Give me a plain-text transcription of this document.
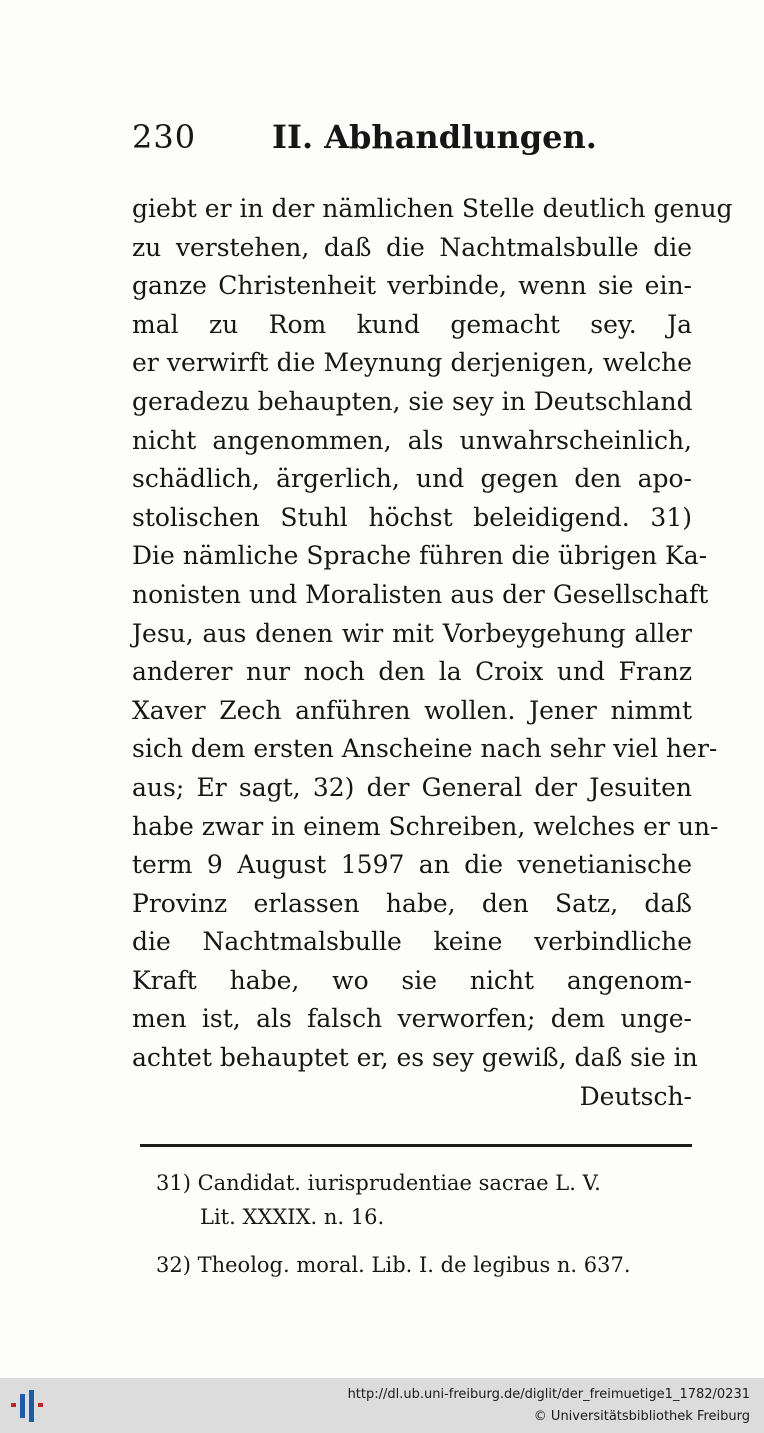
230 II. Abhandlungen.
giebt er in der nämlichen Stelle deutlich genug
zu verstehen, daß die Nachtmalsbulle die
ganze Christenheit verbinde, wenn sie ein-
mal zu Rom kund gemacht sey. Ja
er verwirft die Meynung derjenigen, welche
geradezu behaupten, sie sey in Deutschland
nicht angenommen, als unwahrscheinlich,
schädlich, ärgerlich, und gegen den apo-
stolischen Stuhl höchst beleidigend. 31)
Die nämliche Sprache führen die übrigen Ka-
nonisten und Moralisten aus der Gesellschaft
Jesu, aus denen wir mit Vorbeygehung aller
anderer nur noch den la Croix und Franz
Xaver Zech anführen wollen. Jener nimmt
sich dem ersten Anscheine nach sehr viel her-
aus; Er sagt, 32) der General der Jesuiten
habe zwar in einem Schreiben, welches er un-
term 9 August 1597 an die venetianische
Provinz erlassen habe, den Satz, daß
die Nachtmalsbulle keine verbindliche
Kraft habe, wo sie nicht angenom-
men ist, als falsch verworfen; dem unge-
achtet behauptet er, es sey gewiß, daß sie in
Deutsch-
31) Candidat. iurisprudentiae sacrae L. V.
Lit. XXXIX. n. 16.
32) Theolog. moral. Lib. I. de legibus n. 637.
http://dl.ub.uni-freiburg.de/diglit/der_freimuetige1_1782/0231
© Universitätsbibliothek Freiburg
